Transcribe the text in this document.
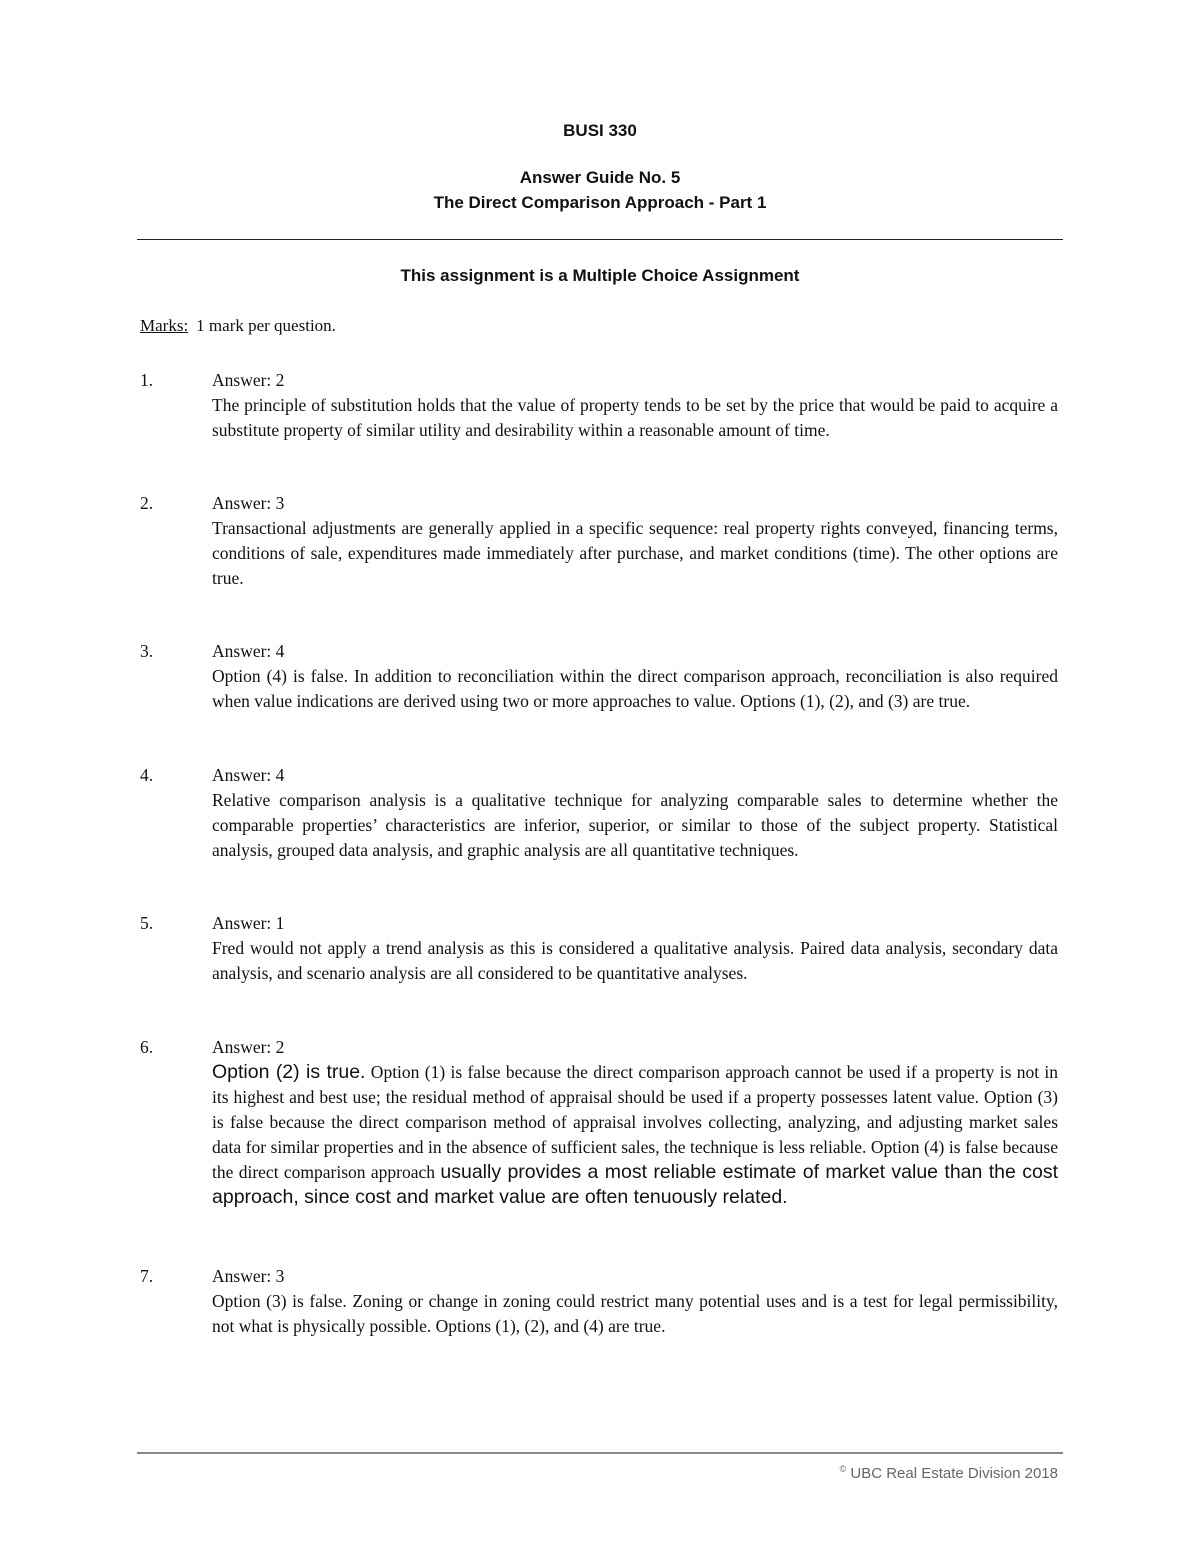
BUSI 330
Answer Guide No. 5
The Direct Comparison Approach - Part 1
This assignment is a Multiple Choice Assignment
Marks: 1 mark per question.
1.	Answer: 2
The principle of substitution holds that the value of property tends to be set by the price that would be paid to acquire a substitute property of similar utility and desirability within a reasonable amount of time.
2.	Answer: 3
Transactional adjustments are generally applied in a specific sequence: real property rights conveyed, financing terms, conditions of sale, expenditures made immediately after purchase, and market conditions (time). The other options are true.
3.	Answer: 4
Option (4) is false. In addition to reconciliation within the direct comparison approach, reconciliation is also required when value indications are derived using two or more approaches to value. Options (1), (2), and (3) are true.
4.	Answer: 4
Relative comparison analysis is a qualitative technique for analyzing comparable sales to determine whether the comparable properties’ characteristics are inferior, superior, or similar to those of the subject property. Statistical analysis, grouped data analysis, and graphic analysis are all quantitative techniques.
5.	Answer: 1
Fred would not apply a trend analysis as this is considered a qualitative analysis. Paired data analysis, secondary data analysis, and scenario analysis are all considered to be quantitative analyses.
6.	Answer: 2
Option (2) is true. Option (1) is false because the direct comparison approach cannot be used if a property is not in its highest and best use; the residual method of appraisal should be used if a property possesses latent value. Option (3) is false because the direct comparison method of appraisal involves collecting, analyzing, and adjusting market sales data for similar properties and in the absence of sufficient sales, the technique is less reliable. Option (4) is false because the direct comparison approach usually provides a most reliable estimate of market value than the cost approach, since cost and market value are often tenuously related.
7.	Answer: 3
Option (3) is false. Zoning or change in zoning could restrict many potential uses and is a test for legal permissibility, not what is physically possible. Options (1), (2), and (4) are true.
© UBC Real Estate Division 2018
